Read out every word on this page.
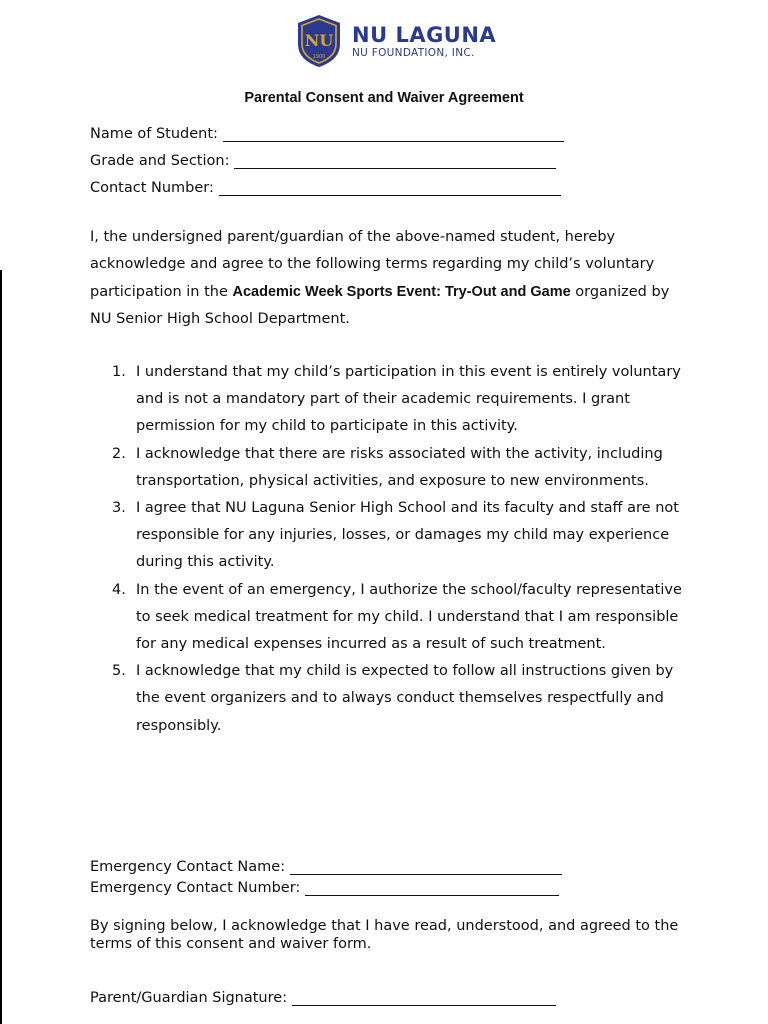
NU
1900
NU LAGUNA
NU FOUNDATION, INC.
Parental Consent and Waiver Agreement
Name of Student:
Grade and Section:
Contact Number:
I, the undersigned parent/guardian of the above-named student, hereby acknowledge and agree to the following terms regarding my child’s voluntary participation in the Academic Week Sports Event: Try-Out and Game organized by NU Senior High School Department.
1. I understand that my child’s participation in this event is entirely voluntary and is not a mandatory part of their academic requirements. I grant permission for my child to participate in this activity.
2. I acknowledge that there are risks associated with the activity, including transportation, physical activities, and exposure to new environments.
3. I agree that NU Laguna Senior High School and its faculty and staff are not responsible for any injuries, losses, or damages my child may experience during this activity.
4. In the event of an emergency, I authorize the school/faculty representative to seek medical treatment for my child. I understand that I am responsible for any medical expenses incurred as a result of such treatment.
5. I acknowledge that my child is expected to follow all instructions given by the event organizers and to always conduct themselves respectfully and responsibly.
Emergency Contact Name:
Emergency Contact Number:
By signing below, I acknowledge that I have read, understood, and agreed to the terms of this consent and waiver form.
Parent/Guardian Signature:
